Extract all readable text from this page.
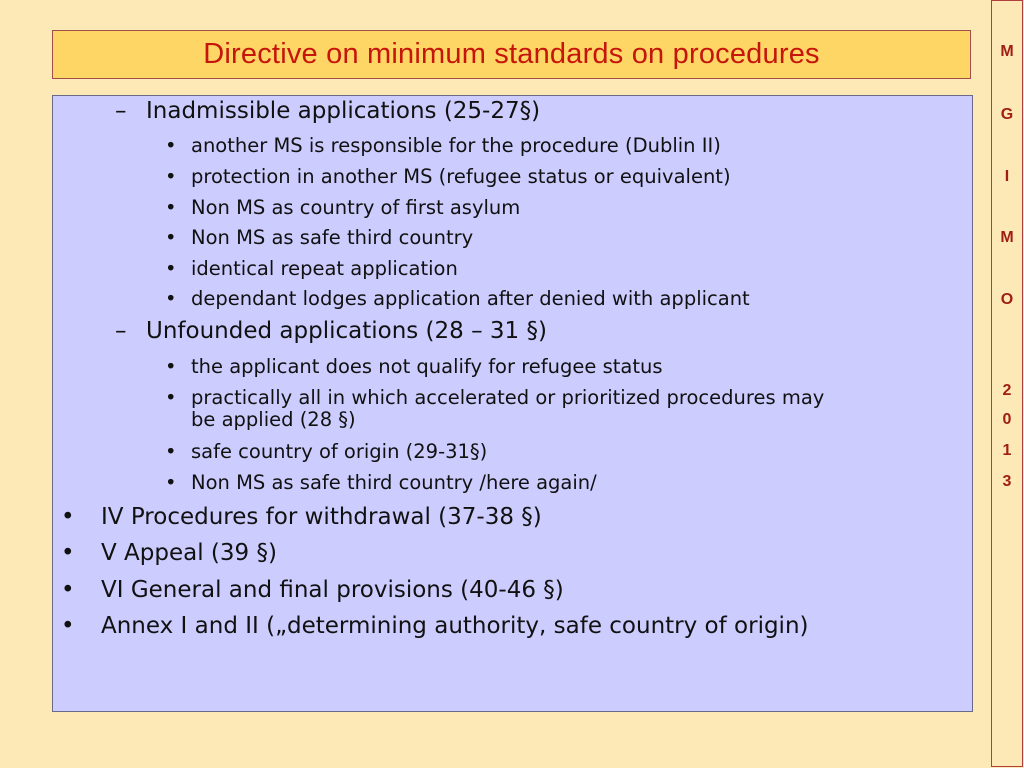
Directive on minimum standards on procedures
– Inadmissible applications (25-27§)
• another MS is responsible for the procedure (Dublin II)
• protection in another MS (refugee status or equivalent)
• Non MS as country of first asylum
• Non MS as safe third country
• identical repeat application
• dependant lodges application after denied with applicant
– Unfounded applications (28 – 31 §)
• the applicant does not qualify for refugee status
• practically all in which accelerated or prioritized procedures may
be applied (28 §)
• safe country of origin (29-31§)
• Non MS as safe third country /here again/
• IV Procedures for withdrawal (37-38 §)
• V Appeal (39 §)
• VI General and final provisions (40-46 §)
• Annex I and II („determining authority, safe country of origin)
M
G
I
M
O
2
0
1
3
